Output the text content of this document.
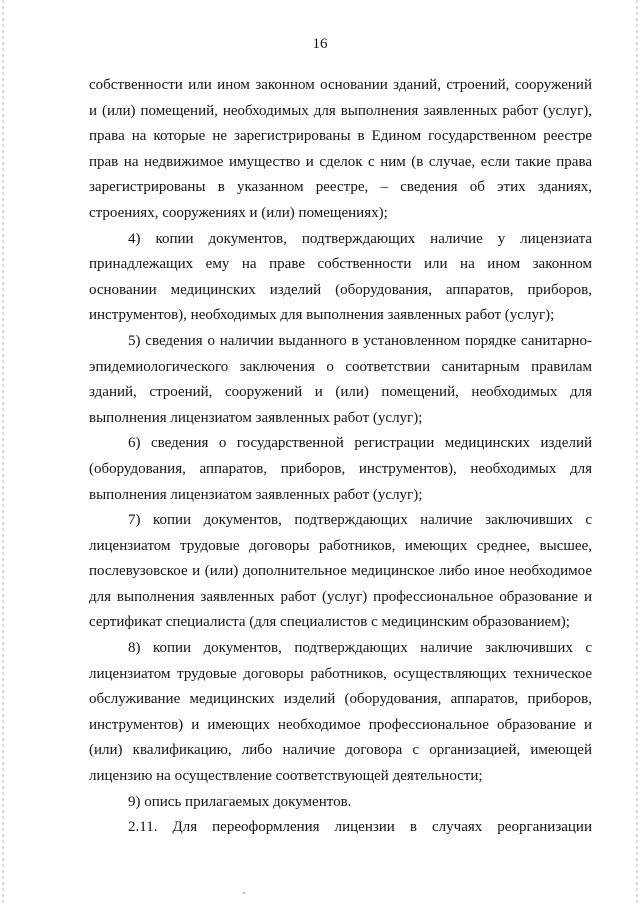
16

собственности или ином законном основании зданий, строений, сооружений и (или) помещений, необходимых для выполнения заявленных работ (услуг), права на которые не зарегистрированы в Едином государственном реестре прав на недвижимое имущество и сделок с ним (в случае, если такие права зарегистрированы в указанном реестре, – сведения об этих зданиях, строениях, сооружениях и (или) помещениях);

4) копии документов, подтверждающих наличие у лицензиата принадлежащих ему на праве собственности или на ином законном основании медицинских изделий (оборудования, аппаратов, приборов, инструментов), необходимых для выполнения заявленных работ (услуг);

5) сведения о наличии выданного в установленном порядке санитарно-эпидемиологического заключения о соответствии санитарным правилам зданий, строений, сооружений и (или) помещений, необходимых для выполнения лицензиатом заявленных работ (услуг);

6) сведения о государственной регистрации медицинских изделий (оборудования, аппаратов, приборов, инструментов), необходимых для выполнения лицензиатом заявленных работ (услуг);

7) копии документов, подтверждающих наличие заключивших с лицензиатом трудовые договоры работников, имеющих среднее, высшее, послевузовское и (или) дополнительное медицинское либо иное необходимое для выполнения заявленных работ (услуг) профессиональное образование и сертификат специалиста (для специалистов с медицинским образованием);

8) копии документов, подтверждающих наличие заключивших с лицензиатом трудовые договоры работников, осуществляющих техническое обслуживание медицинских изделий (оборудования, аппаратов, приборов, инструментов) и имеющих необходимое профессиональное образование и (или) квалификацию, либо наличие договора с организацией, имеющей лицензию на осуществление соответствующей деятельности;

9) опись прилагаемых документов.

2.11. Для переоформления лицензии в случаях реорганизации
